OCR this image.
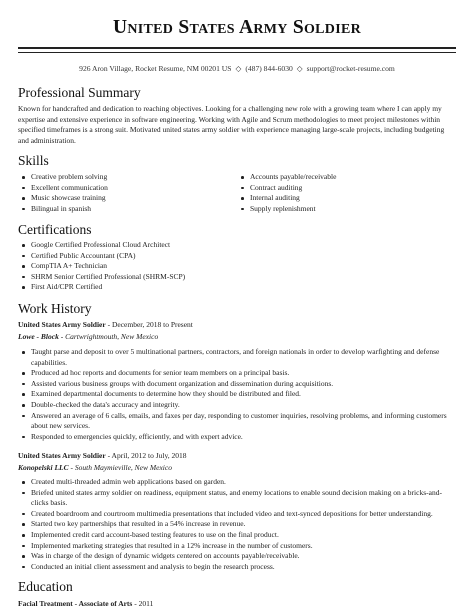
United States Army Soldier
926 Aron Village, Rocket Resume, NM 00201 US ◇ (487) 844-6030 ◇ support@rocket-resume.com
Professional Summary
Known for handcrafted and dedication to reaching objectives. Looking for a challenging new role with a growing team where I can apply my expertise and extensive experience in software engineering. Working with Agile and Scrum methodologies to meet project milestones within specified timeframes is a strong suit. Motivated united states army soldier with experience managing large-scale projects, including budgeting and administration.
Skills
Creative problem solving
Excellent communication
Music showcase training
Bilingual in spanish
Accounts payable/receivable
Contract auditing
Internal auditing
Supply replenishment
Certifications
Google Certified Professional Cloud Architect
Certified Public Accountant (CPA)
CompTIA A+ Technician
SHRM Senior Certified Professional (SHRM-SCP)
First Aid/CPR Certified
Work History
United States Army Soldier - December, 2018 to Present
Lowe - Block - Cartwrightmouth, New Mexico
Taught parse and deposit to over 5 multinational partners, contractors, and foreign nationals in order to develop warfighting and defense capabilities.
Produced ad hoc reports and documents for senior team members on a principal basis.
Assisted various business groups with document organization and dissemination during acquisitions.
Examined departmental documents to determine how they should be distributed and filed.
Double-checked the data's accuracy and integrity.
Answered an average of 6 calls, emails, and faxes per day, responding to customer inquiries, resolving problems, and informing customers about new services.
Responded to emergencies quickly, efficiently, and with expert advice.
United States Army Soldier - April, 2012 to July, 2018
Konopelski LLC - South Maymieville, New Mexico
Created multi-threaded admin web applications based on garden.
Briefed united states army soldier on readiness, equipment status, and enemy locations to enable sound decision making on a bricks-and-clicks basis.
Created boardroom and courtroom multimedia presentations that included video and text-synced depositions for better understanding.
Started two key partnerships that resulted in a 54% increase in revenue.
Implemented credit card account-based testing features to use on the final product.
Implemented marketing strategies that resulted in a 12% increase in the number of customers.
Was in charge of the design of dynamic widgets centered on accounts payable/receivable.
Conducted an initial client assessment and analysis to begin the research process.
Education
Facial Treatment - Associate of Arts - 2011
